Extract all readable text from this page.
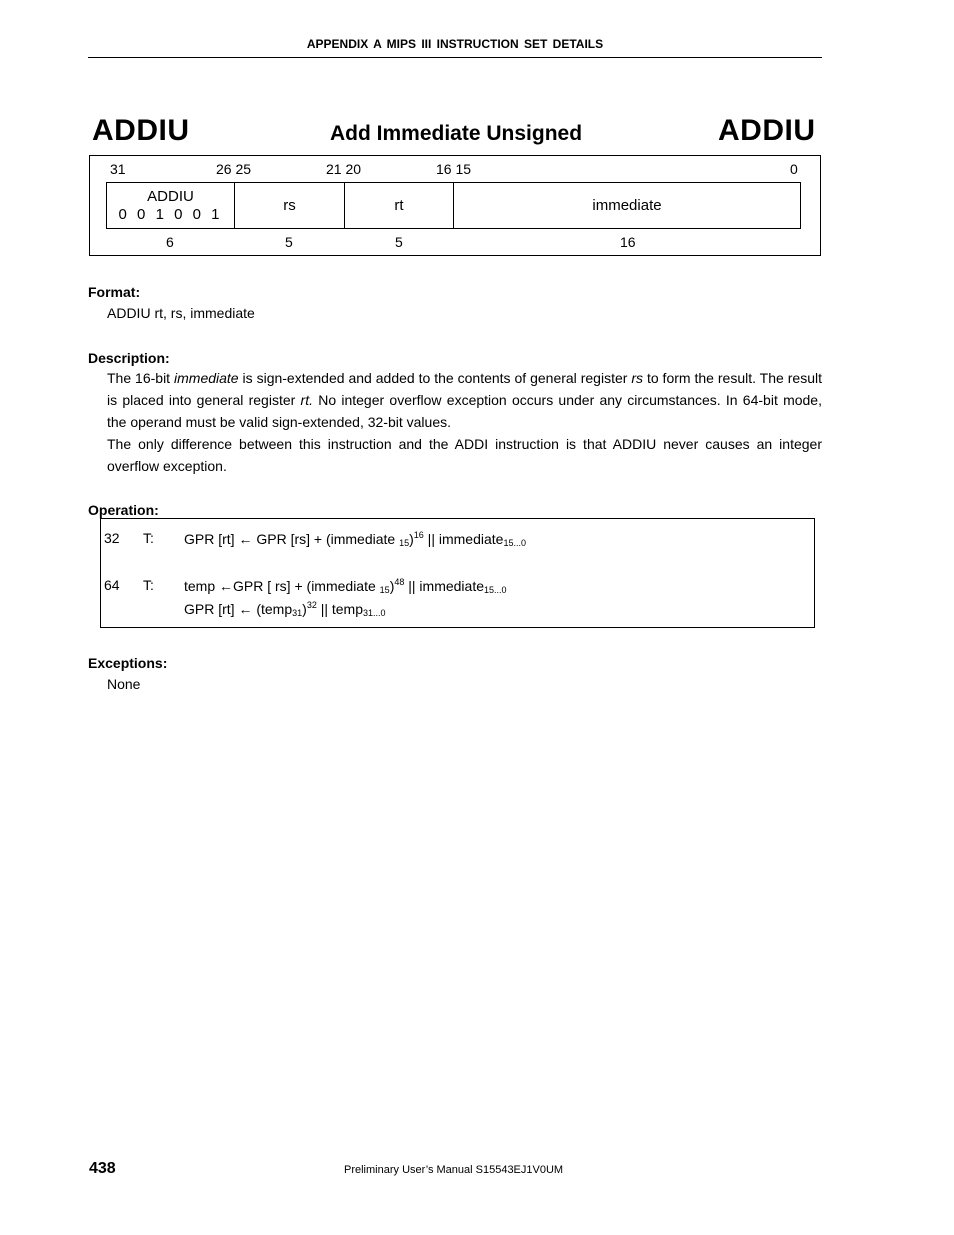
APPENDIX A MIPS III INSTRUCTION SET DETAILS
ADDIU	Add Immediate Unsigned	ADDIU
31	26 25	21 20	16 15	0
ADDIU
0 0 1 0 0 1
rs	rt	immediate
6	5	5	16
Format:
ADDIU rt, rs, immediate
Description:
The 16-bit immediate is sign-extended and added to the contents of general register rs to form the result. The result is placed into general register rt. No integer overflow exception occurs under any circumstances. In 64-bit mode, the operand must be valid sign-extended, 32-bit values.
The only difference between this instruction and the ADDI instruction is that ADDIU never causes an integer overflow exception.
Operation:
32 T: GPR [rt] ← GPR [rs] + (immediate $_{15}$)$^{16}$ || immediate$_{15...0}$
64 T: temp ←GPR [ rs] + (immediate $_{15}$)$^{48}$ || immediate$_{15...0}$
GPR [rt] ← (temp$_{31}$)$^{32}$ || temp$_{31...0}$
Exceptions:
None
438	Preliminary User’s Manual S15543EJ1V0UM
